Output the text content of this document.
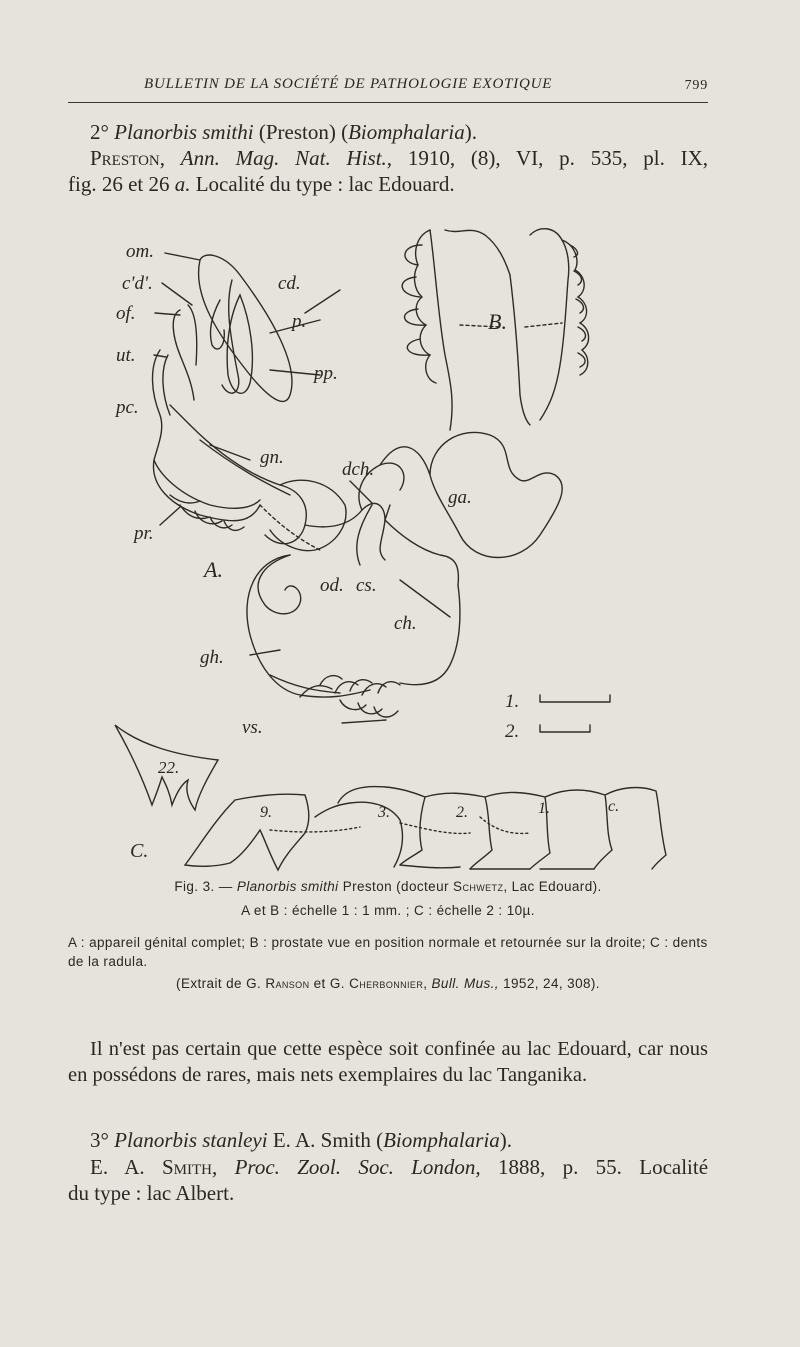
BULLETIN DE LA SOCIÉTÉ DE PATHOLOGIE EXOTIQUE	799
2° Planorbis smithi (Preston) (Biomphalaria).
Preston, Ann. Mag. Nat. Hist., 1910, (8), VI, p. 535, pl. IX,
fig. 26 et 26 a. Localité du type : lac Edouard.
om.
c'd'.	cd.
of.	p.
ut.
pp.
pc.
gn.
dch.
ga.
pr.
A.
B.
od. cs.
ch.
gh.
vs.
1.
2.
22.
9.	3.	2.	1.	c.
C.
Fig. 3. — Planorbis smithi Preston (docteur Schwetz, Lac Edouard).
A et B : échelle 1 : 1 mm. ; C : échelle 2 : 10µ.
A : appareil génital complet; B : prostate vue en position normale et retournée sur la droite; C : dents de la radula.
(Extrait de G. Ranson et G. Cherbonnier, Bull. Mus., 1952, 24, 308).
Il n'est pas certain que cette espèce soit confinée au lac Edouard, car nous en possédons de rares, mais nets exemplaires du lac Tanganika.
3° Planorbis stanleyi E. A. Smith (Biomphalaria).
E. A. Smith, Proc. Zool. Soc. London, 1888, p. 55. Localité
du type : lac Albert.
